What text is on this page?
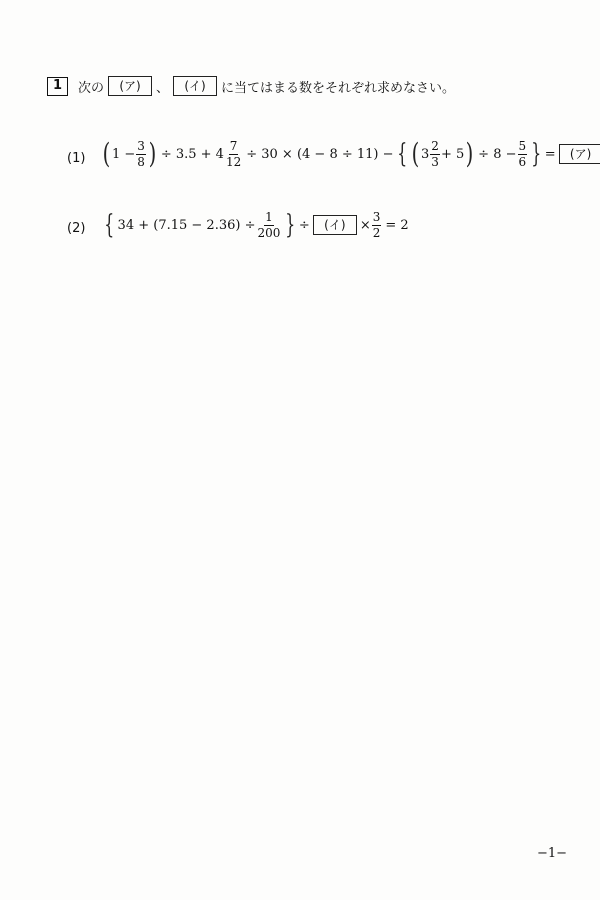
1	次の	(ア)	、	(イ)	に当てはまる数をそれぞれ求めなさい。
(1) ( $1 - \frac{3}{8}$ ) ÷ $3.5 + 4 \frac{7}{12} \div 30 \times (4 - 8 \div 11)$ − { ( $3 \frac{2}{3} + 5$ ) ÷ $8 - \frac{5}{6}$ } =	(ア)
(2) { $34 + (7.15 - 2.36) \div \frac{1}{200}$ } ÷	(イ)	× $\frac{3}{2} = 2$
−1−
